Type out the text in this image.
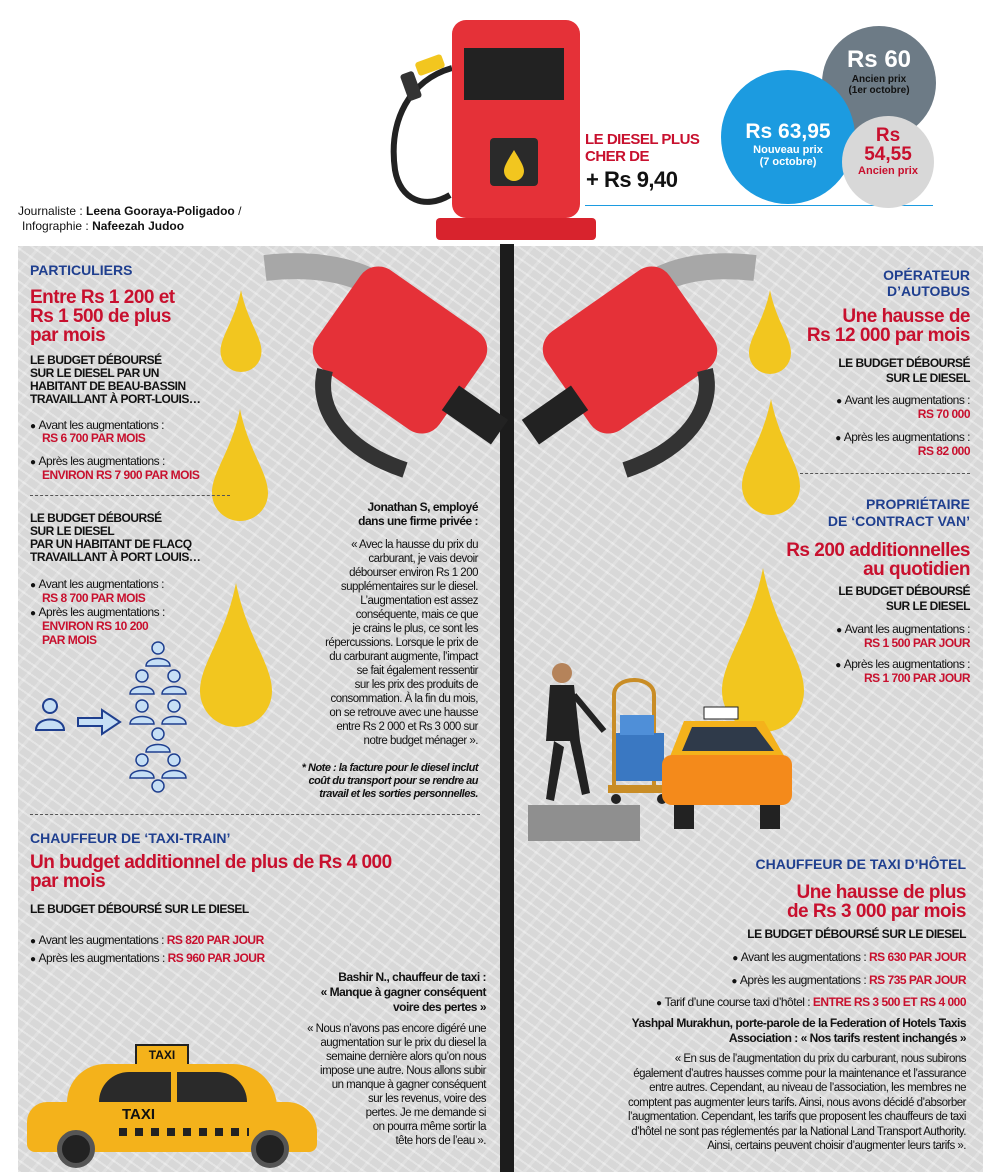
LE DIESEL PLUS
CHER DE
+ Rs 9,40
Rs 60
Ancien prix
(1er octobre)
Rs 63,95
Nouveau prix
(7 octobre)
Rs
54,55
Ancien prix
Journaliste : Leena Gooraya-Poligadoo /
Infographie : Nafeezah Judoo
PARTICULIERS
Entre Rs 1 200 et
Rs 1 500 de plus
par mois
LE BUDGET DÉBOURSÉ
SUR LE DIESEL PAR UN
HABITANT DE BEAU-BASSIN
TRAVAILLANT À PORT-LOUIS…
● Avant les augmentations :
RS 6 700 PAR MOIS
● Après les augmentations :
ENVIRON RS 7 900 PAR MOIS
LE BUDGET DÉBOURSÉ
SUR LE DIESEL
PAR UN HABITANT DE FLACQ
TRAVAILLANT À PORT LOUIS…
● Avant les augmentations :
RS 8 700 PAR MOIS
● Après les augmentations :
ENVIRON RS 10 200
PAR MOIS
Jonathan S, employé
dans une firme privée :
« Avec la hausse du prix du
carburant, je vais devoir
débourser environ Rs 1 200
supplémentaires sur le diesel.
L’augmentation est assez
conséquente, mais ce que
je crains le plus, ce sont les
répercussions. Lorsque le prix de
du carburant augmente, l’impact
se fait également ressentir
sur les prix des produits de
consommation. À la fin du mois,
on se retrouve avec une hausse
entre Rs 2 000 et Rs 3 000 sur
notre budget ménager ».
* Note : la facture pour le diesel inclut
coût du transport pour se rendre au
travail et les sorties personnelles.
OPÉRATEUR
D’AUTOBUS
Une hausse de
Rs 12 000 par mois
LE BUDGET DÉBOURSÉ
SUR LE DIESEL
● Avant les augmentations :
RS 70 000
● Après les augmentations :
RS 82 000
PROPRIÉTAIRE
DE ‘CONTRACT VAN’
Rs 200 additionnelles
au quotidien
LE BUDGET DÉBOURSÉ
SUR LE DIESEL
● Avant les augmentations :
RS 1 500 PAR JOUR
● Après les augmentations :
RS 1 700 PAR JOUR
CHAUFFEUR DE ‘TAXI-TRAIN’
Un budget additionnel de plus de Rs 4 000
par mois
LE BUDGET DÉBOURSÉ SUR LE DIESEL
● Avant les augmentations : RS 820 PAR JOUR
● Après les augmentations : RS 960 PAR JOUR
Bashir N., chauffeur de taxi :
« Manque à gagner conséquent
voire des pertes »
« Nous n’avons pas encore digéré une
augmentation sur le prix du diesel la
semaine dernière alors qu’on nous
impose une autre. Nous allons subir
un manque à gagner conséquent
sur les revenus, voire des
pertes. Je me demande si
on pourra même sortir la
tête hors de l’eau ».
TAXI
TAXI
CHAUFFEUR DE TAXI D’HÔTEL
Une hausse de plus
de Rs 3 000 par mois
LE BUDGET DÉBOURSÉ SUR LE DIESEL
● Avant les augmentations : RS 630 PAR JOUR
● Après les augmentations : RS 735 PAR JOUR
● Tarif d’une course taxi d’hôtel : ENTRE RS 3 500 ET RS 4 000
Yashpal Murakhun, porte-parole de la Federation of Hotels Taxis
Association : « Nos tarifs restent inchangés »
« En sus de l’augmentation du prix du carburant, nous subirons
également d’autres hausses comme pour la maintenance et l’assurance
entre autres. Cependant, au niveau de l’association, les membres ne
comptent pas augmenter leurs tarifs. Ainsi, nous avons décidé d’absorber
l’augmentation. Cependant, les tarifs que proposent les chauffeurs de taxi
d’hôtel ne sont pas réglementés par la National Land Transport Authority.
Ainsi, certains peuvent choisir d’augmenter leurs tarifs ».
